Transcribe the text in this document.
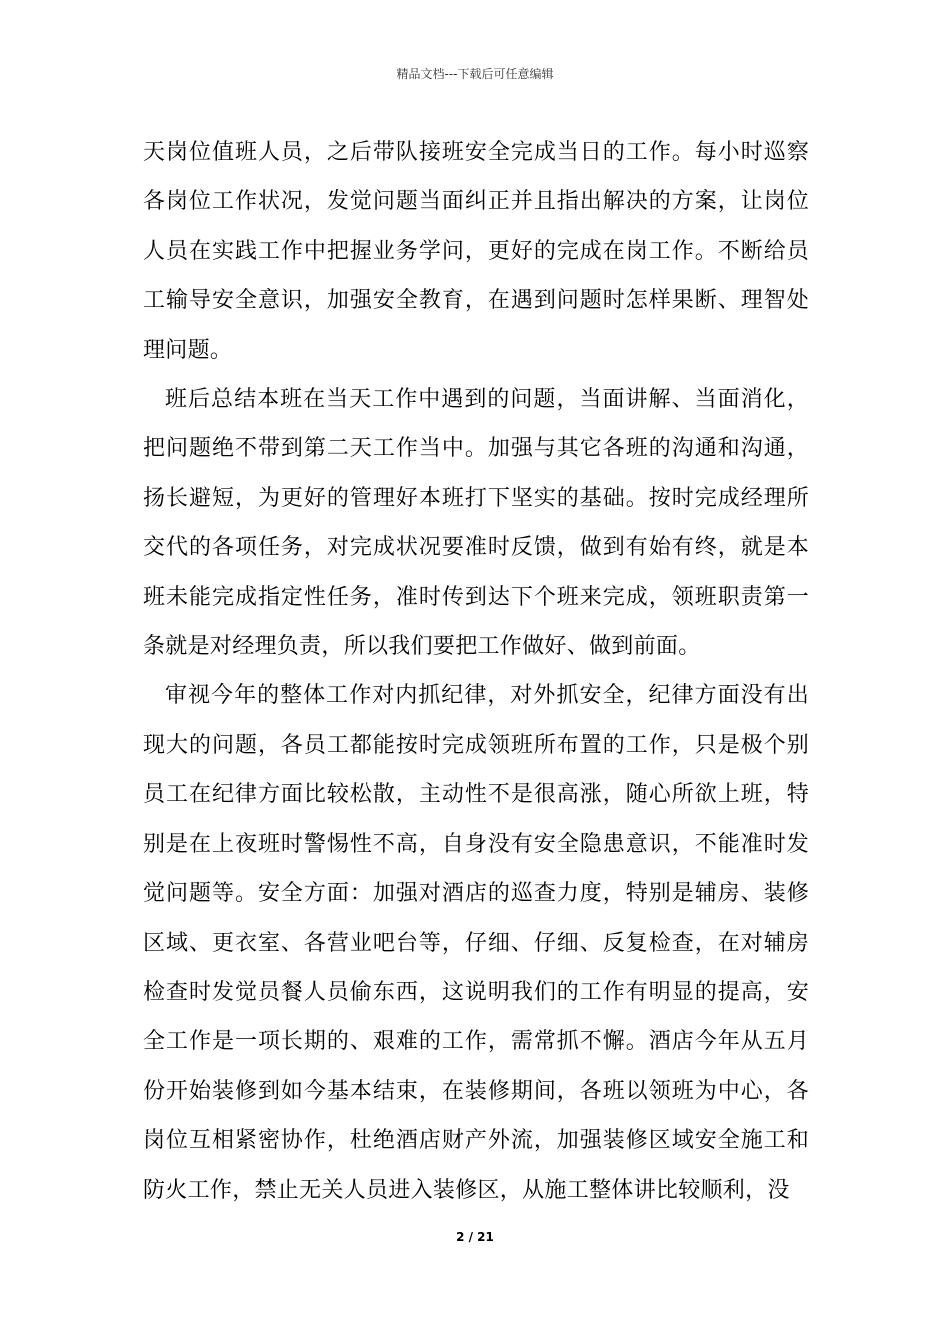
精品文档---下载后可任意编辑

天岗位值班人员，之后带队接班安全完成当日的工作。每小时巡察各岗位工作状况，发觉问题当面纠正并且指出解决的方案，让岗位人员在实践工作中把握业务学问，更好的完成在岗工作。不断给员工输导安全意识，加强安全教育，在遇到问题时怎样果断、理智处理问题。

班后总结本班在当天工作中遇到的问题，当面讲解、当面消化，把问题绝不带到第二天工作当中。加强与其它各班的沟通和沟通，扬长避短，为更好的管理好本班打下坚实的基础。按时完成经理所交代的各项任务，对完成状况要准时反馈，做到有始有终，就是本班未能完成指定性任务，准时传到达下个班来完成，领班职责第一条就是对经理负责，所以我们要把工作做好、做到前面。

审视今年的整体工作对内抓纪律，对外抓安全，纪律方面没有出现大的问题，各员工都能按时完成领班所布置的工作，只是极个别员工在纪律方面比较松散，主动性不是很高涨，随心所欲上班，特别是在上夜班时警惕性不高，自身没有安全隐患意识，不能准时发觉问题等。安全方面：加强对酒店的巡查力度，特别是辅房、装修区域、更衣室、各营业吧台等，仔细、仔细、反复检查，在对辅房检查时发觉员餐人员偷东西，这说明我们的工作有明显的提高，安全工作是一项长期的、艰难的工作，需常抓不懈。酒店今年从五月份开始装修到如今基本结束，在装修期间，各班以领班为中心，各岗位互相紧密协作，杜绝酒店财产外流，加强装修区域安全施工和防火工作，禁止无关人员进入装修区，从施工整体讲比较顺利，没

2 / 21
